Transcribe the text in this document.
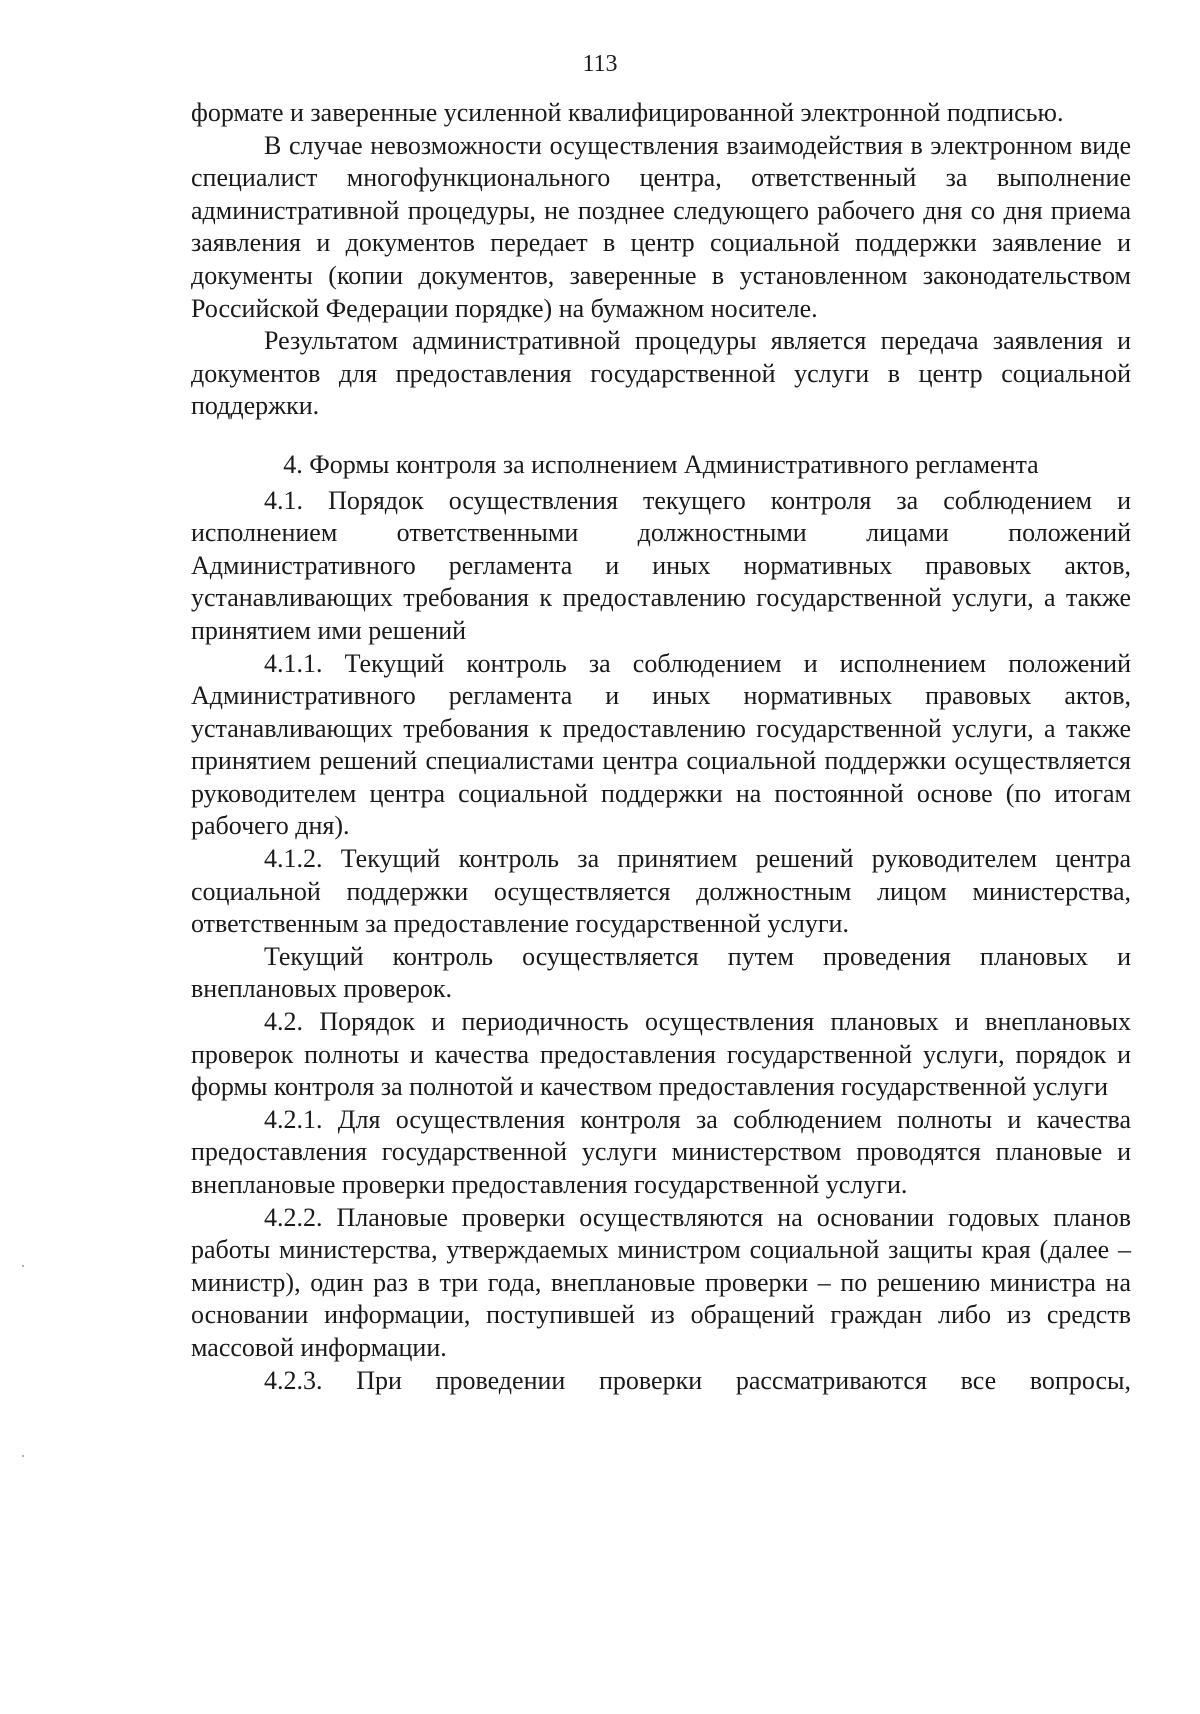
113

формате и заверенные усиленной квалифицированной электронной подписью.

В случае невозможности осуществления взаимодействия в электронном виде специалист многофункционального центра, ответственный за выполнение административной процедуры, не позднее следующего рабочего дня со дня приема заявления и документов передает в центр социальной поддержки заявление и документы (копии документов, заверенные в установленном законодательством Российской Федерации порядке) на бумажном носителе.

Результатом административной процедуры является передача заявления и документов для предоставления государственной услуги в центр социальной поддержки.

4. Формы контроля за исполнением Административного регламента

4.1. Порядок осуществления текущего контроля за соблюдением и исполнением ответственными должностными лицами положений Административного регламента и иных нормативных правовых актов, устанавливающих требования к предоставлению государственной услуги, а также принятием ими решений

4.1.1. Текущий контроль за соблюдением и исполнением положений Административного регламента и иных нормативных правовых актов, устанавливающих требования к предоставлению государственной услуги, а также принятием решений специалистами центра социальной поддержки осуществляется руководителем центра социальной поддержки на постоянной основе (по итогам рабочего дня).

4.1.2. Текущий контроль за принятием решений руководителем центра социальной поддержки осуществляется должностным лицом министерства, ответственным за предоставление государственной услуги.

Текущий контроль осуществляется путем проведения плановых и внеплановых проверок.

4.2. Порядок и периодичность осуществления плановых и внеплановых проверок полноты и качества предоставления государственной услуги, порядок и формы контроля за полнотой и качеством предоставления государственной услуги

4.2.1. Для осуществления контроля за соблюдением полноты и качества предоставления государственной услуги министерством проводятся плановые и внеплановые проверки предоставления государственной услуги.

4.2.2. Плановые проверки осуществляются на основании годовых планов работы министерства, утверждаемых министром социальной защиты края (далее – министр), один раз в три года, внеплановые проверки – по решению министра на основании информации, поступившей из обращений граждан либо из средств массовой информации.

4.2.3. При проведении проверки рассматриваются все вопросы,
